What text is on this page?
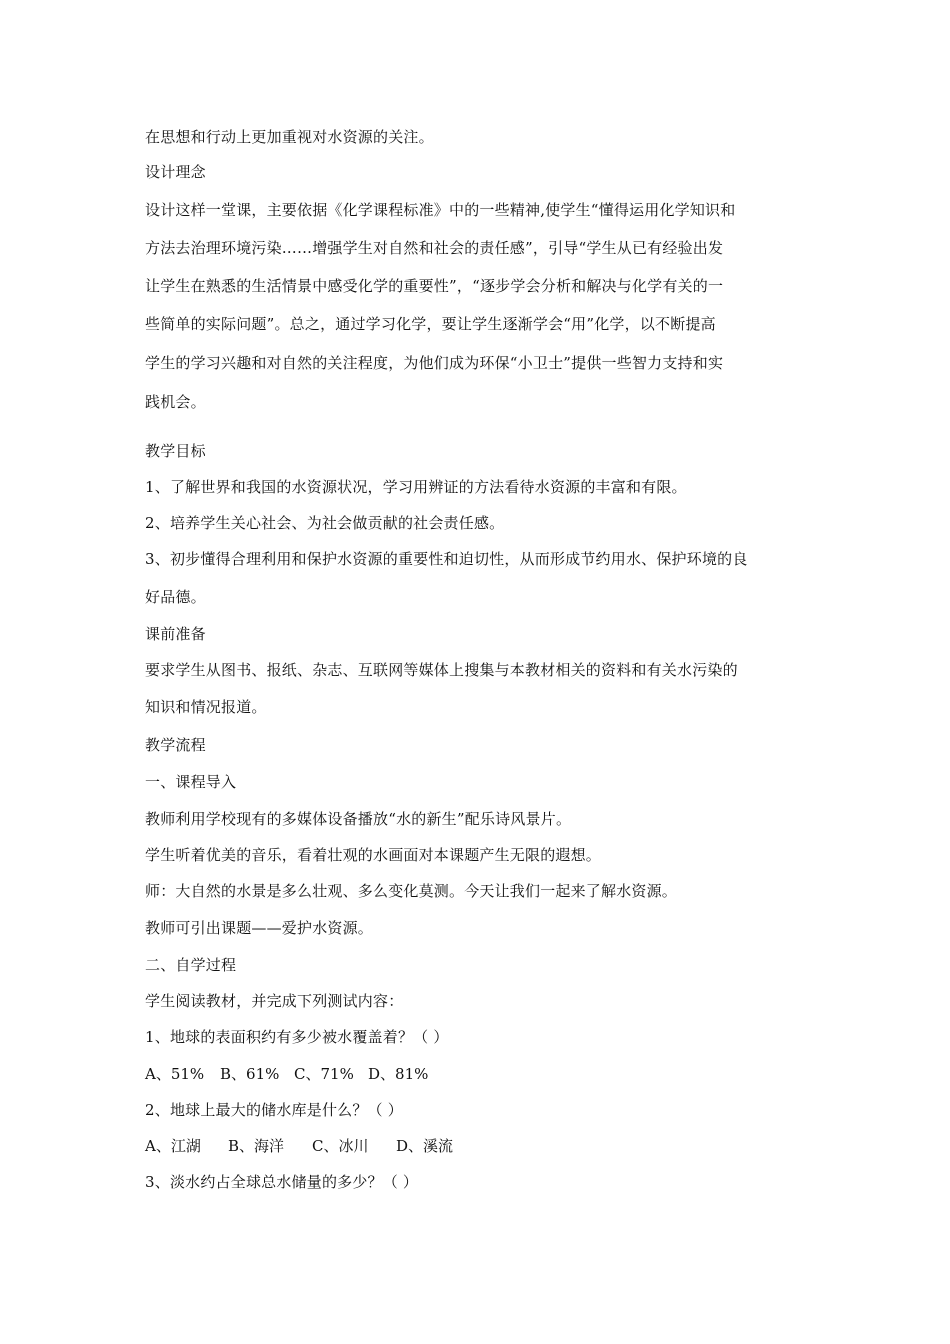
在思想和行动上更加重视对水资源的关注。
设计理念
设计这样一堂课，主要依据《化学课程标准》中的一些精神,使学生“懂得运用化学知识和
方法去治理环境污染……增强学生对自然和社会的责任感”，引导“学生从已有经验出发
让学生在熟悉的生活情景中感受化学的重要性”，“逐步学会分析和解决与化学有关的一
些简单的实际问题”。总之，通过学习化学，要让学生逐渐学会“用”化学，以不断提高
学生的学习兴趣和对自然的关注程度，为他们成为环保“小卫士”提供一些智力支持和实
践机会。
教学目标
1、了解世界和我国的水资源状况，学习用辨证的方法看待水资源的丰富和有限。
2、培养学生关心社会、为社会做贡献的社会责任感。
3、初步懂得合理利用和保护水资源的重要性和迫切性，从而形成节约用水、保护环境的良
好品德。
课前准备
要求学生从图书、报纸、杂志、互联网等媒体上搜集与本教材相关的资料和有关水污染的
知识和情况报道。
教学流程
一、课程导入
教师利用学校现有的多媒体设备播放“水的新生”配乐诗风景片。
学生听着优美的音乐，看着壮观的水画面对本课题产生无限的遐想。
师：大自然的水景是多么壮观、多么变化莫测。今天让我们一起来了解水资源。
教师可引出课题——爱护水资源。
二、自学过程
学生阅读教材，并完成下列测试内容：
1、地球的表面积约有多少被水覆盖着？（ ）
A、51% B、61% C、71% D、81%
2、地球上最大的储水库是什么？（ ）
A、江湖 B、海洋 C、冰川 D、溪流
3、淡水约占全球总水储量的多少？（ ）
